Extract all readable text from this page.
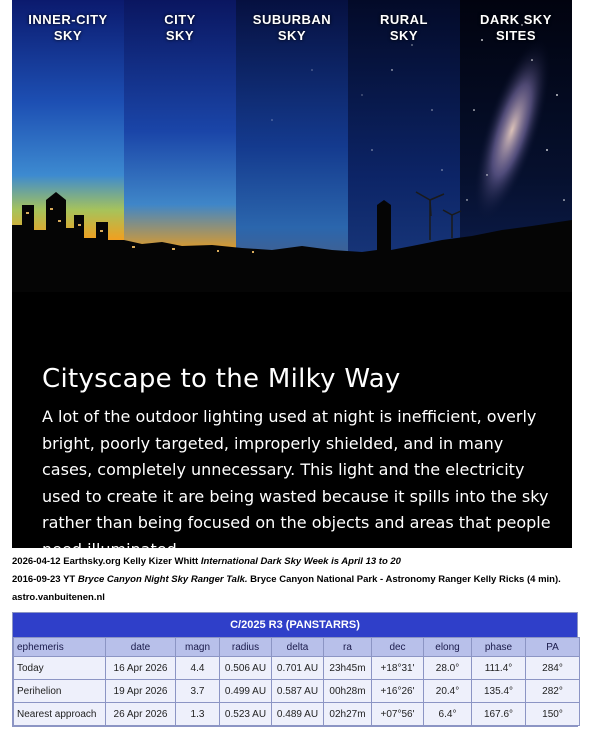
INNER-CITY
SKY
CITY
SKY
SUBURBAN
SKY
RURAL
SKY
DARK SKY
SITES
Cityscape to the Milky Way
A lot of the outdoor lighting used at night is inefficient, overly bright, poorly targeted, improperly shielded, and in many cases, completely unnecessary. This light and the electricity used to create it are being wasted because it spills into the sky rather than being focused on the objects and areas that people need illuminated.
2026-04-12 Earthsky.org Kelly Kizer Whitt International Dark Sky Week is April 13 to 20
2016-09-23 YT Bryce Canyon Night Sky Ranger Talk. Bryce Canyon National Park - Astronomy Ranger Kelly Ricks (4 min).
astro.vanbuitenen.nl
C/2025 R3 (PANSTARRS)
ephemeris	date	magn	radius	delta	ra	dec	elong	phase	PA
Today	16 Apr 2026	4.4	0.506 AU	0.701 AU	23h45m	+18°31'	28.0°	111.4°	284°
Perihelion	19 Apr 2026	3.7	0.499 AU	0.587 AU	00h28m	+16°26'	20.4°	135.4°	282°
Nearest approach	26 Apr 2026	1.3	0.523 AU	0.489 AU	02h27m	+07°56'	6.4°	167.6°	150°
